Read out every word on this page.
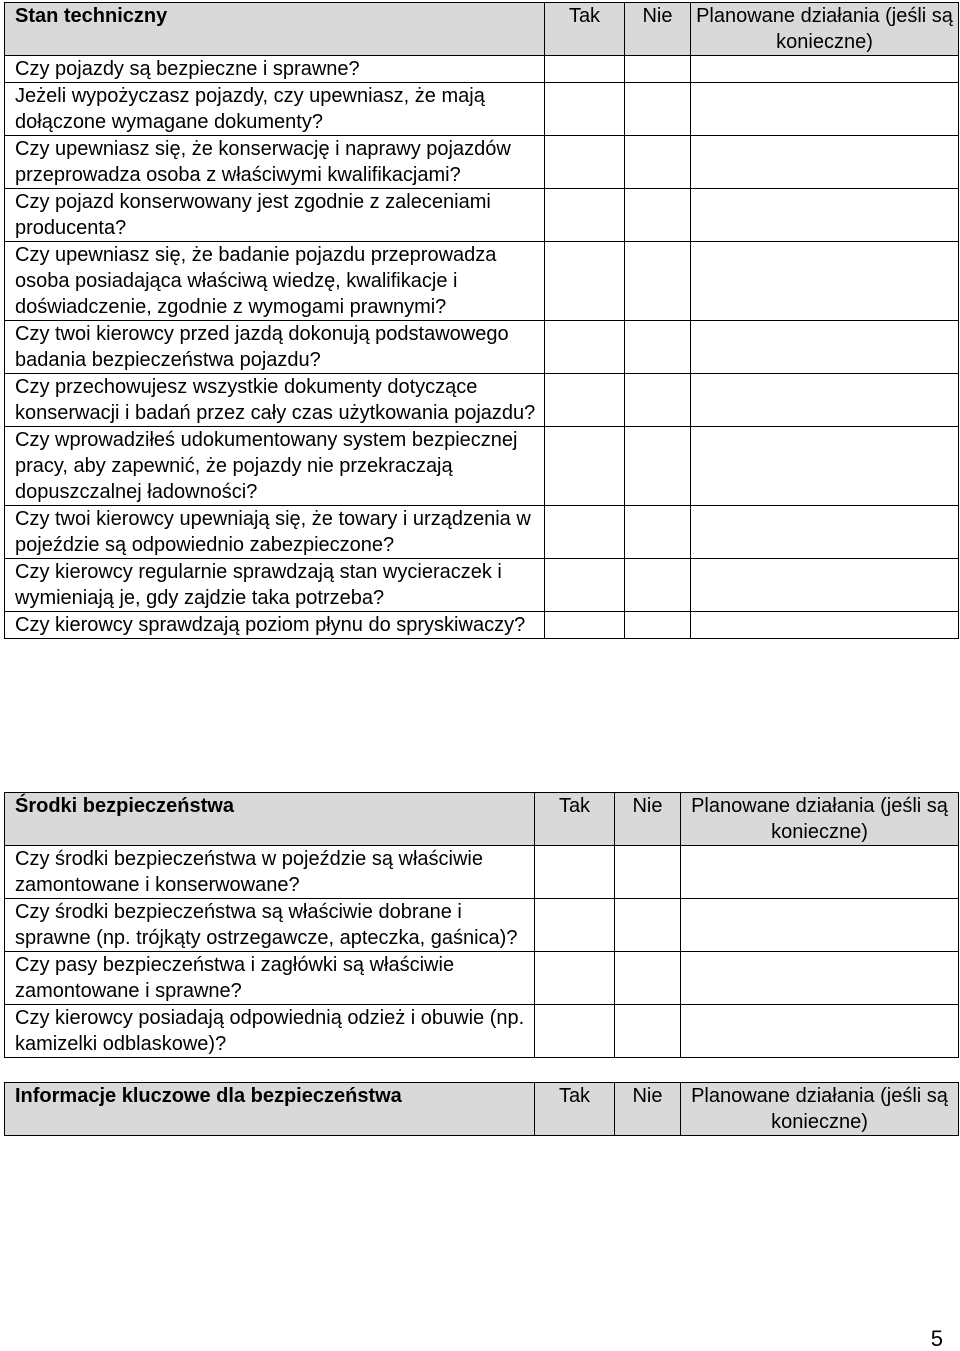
Stan techniczny	Tak	Nie	Planowane działania (jeśli są konieczne)
Czy pojazdy są bezpieczne i sprawne?			
Jeżeli wypożyczasz pojazdy, czy upewniasz, że mają dołączone wymagane dokumenty?			
Czy upewniasz się, że konserwację i naprawy pojazdów przeprowadza osoba z właściwymi kwalifikacjami?			
Czy pojazd konserwowany jest zgodnie z zaleceniami producenta?			
Czy upewniasz się, że badanie pojazdu przeprowadza osoba posiadająca właściwą wiedzę, kwalifikacje i doświadczenie, zgodnie z wymogami prawnymi?			
Czy twoi kierowcy przed jazdą dokonują podstawowego badania bezpieczeństwa pojazdu?			
Czy przechowujesz wszystkie dokumenty dotyczące konserwacji i badań przez cały czas użytkowania pojazdu?			
Czy wprowadziłeś udokumentowany system bezpiecznej pracy, aby zapewnić, że pojazdy nie przekraczają dopuszczalnej ładowności?			
Czy twoi kierowcy upewniają się, że towary i urządzenia w pojeździe są odpowiednio zabezpieczone?			
Czy kierowcy regularnie sprawdzają stan wycieraczek i wymieniają je, gdy zajdzie taka potrzeba?			
Czy kierowcy sprawdzają poziom płynu do spryskiwaczy?			
Środki bezpieczeństwa	Tak	Nie	Planowane działania (jeśli są konieczne)
Czy środki bezpieczeństwa w pojeździe są właściwie zamontowane i konserwowane?			
Czy środki bezpieczeństwa są właściwie dobrane i sprawne (np. trójkąty ostrzegawcze, apteczka, gaśnica)?			
Czy pasy bezpieczeństwa i zagłówki są właściwie zamontowane i sprawne?			
Czy kierowcy posiadają odpowiednią odzież i obuwie (np. kamizelki odblaskowe)?			
Informacje kluczowe dla bezpieczeństwa	Tak	Nie	Planowane działania (jeśli są konieczne)
5
